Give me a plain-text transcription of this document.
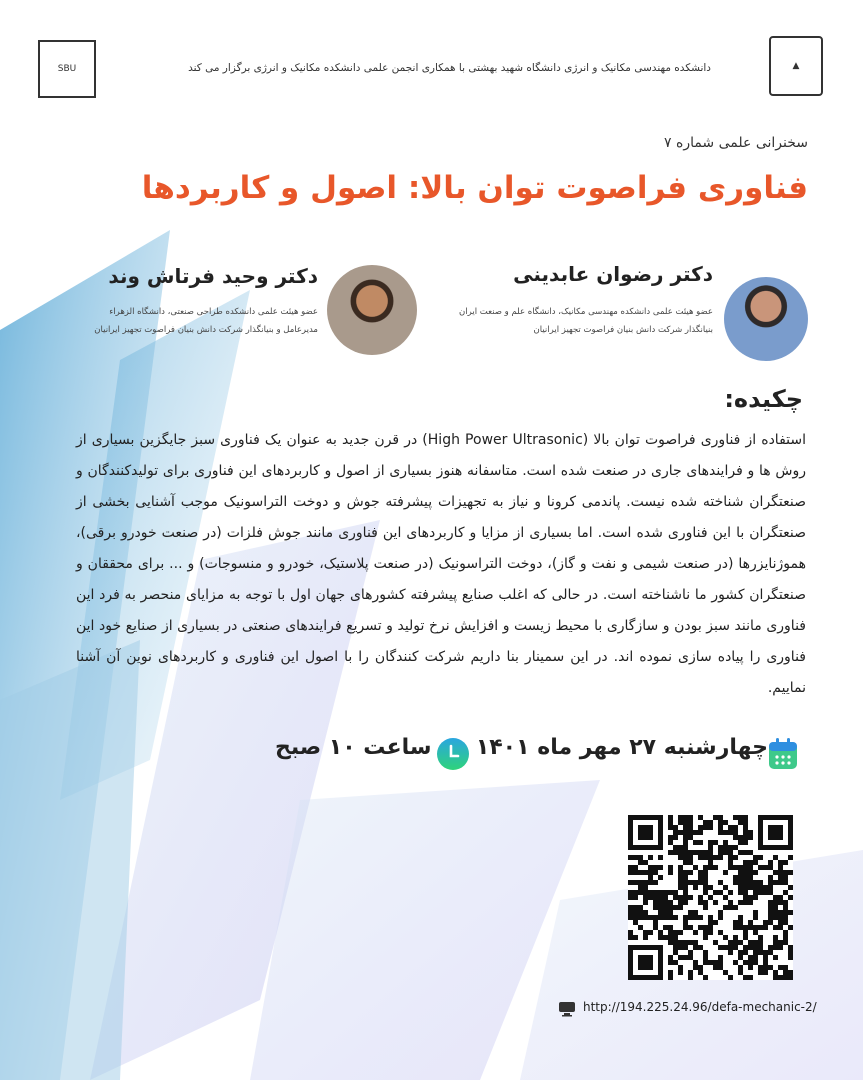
SBU	▲
دانشکده مهندسی مکانیک و انرژی دانشگاه شهید بهشتی با همکاری انجمن علمی دانشکده مکانیک و انرژی برگزار می کند
سخنرانی علمی شماره ۷
فناوری فراصوت توان بالا: اصول و کاربردها
دکتر رضوان عابدینی
عضو هیئت علمی دانشکده مهندسی مکانیک، دانشگاه علم و صنعت ایران
بنیانگذار شرکت دانش بنیان فراصوت تجهیز ایرانیان
دکتر وحید فرتاش وند
عضو هیئت علمی دانشکده طراحی صنعتی، دانشگاه الزهراء
مدیرعامل و بنیانگذار شرکت دانش بنیان فراصوت تجهیز ایرانیان
چکیده:
استفاده از فناوری فراصوت توان بالا (High Power Ultrasonic) در قرن جدید به عنوان یک فناوری سبز جایگزین بسیاری از روش ها و فرایندهای جاری در صنعت شده است. متاسفانه هنوز بسیاری از اصول و کاربردهای این فناوری برای تولیدکنندگان و صنعتگران شناخته شده نیست. پاندمی کرونا و نیاز به تجهیزات پیشرفته جوش و دوخت التراسونیک موجب آشنایی بخشی از صنعتگران با این فناوری شده است. اما بسیاری از مزایا و کاربردهای این فناوری مانند جوش فلزات (در صنعت خودرو برقی)، هموژنایزرها (در صنعت شیمی و نفت و گاز)، دوخت التراسونیک (در صنعت پلاستیک، خودرو و منسوجات) و ... برای محققان و صنعتگران کشور ما ناشناخته است. در حالی که اغلب صنایع پیشرفته کشورهای جهان اول با توجه به مزایای منحصر به فرد این فناوری مانند سبز بودن و سازگاری با محیط زیست و افزایش نرخ تولید و تسریع فرایندهای صنعتی در بسیاری از صنایع خود این فناوری را پیاده سازی نموده اند. در این سمینار بنا داریم شرکت کنندگان را با اصول این فناوری و کاربردهای نوین آن آشنا نماییم.
چهارشنبه ۲۷ مهر ماه ۱۴۰۱
ساعت ۱۰ صبح
http://194.225.24.96/defa-mechanic-2/
